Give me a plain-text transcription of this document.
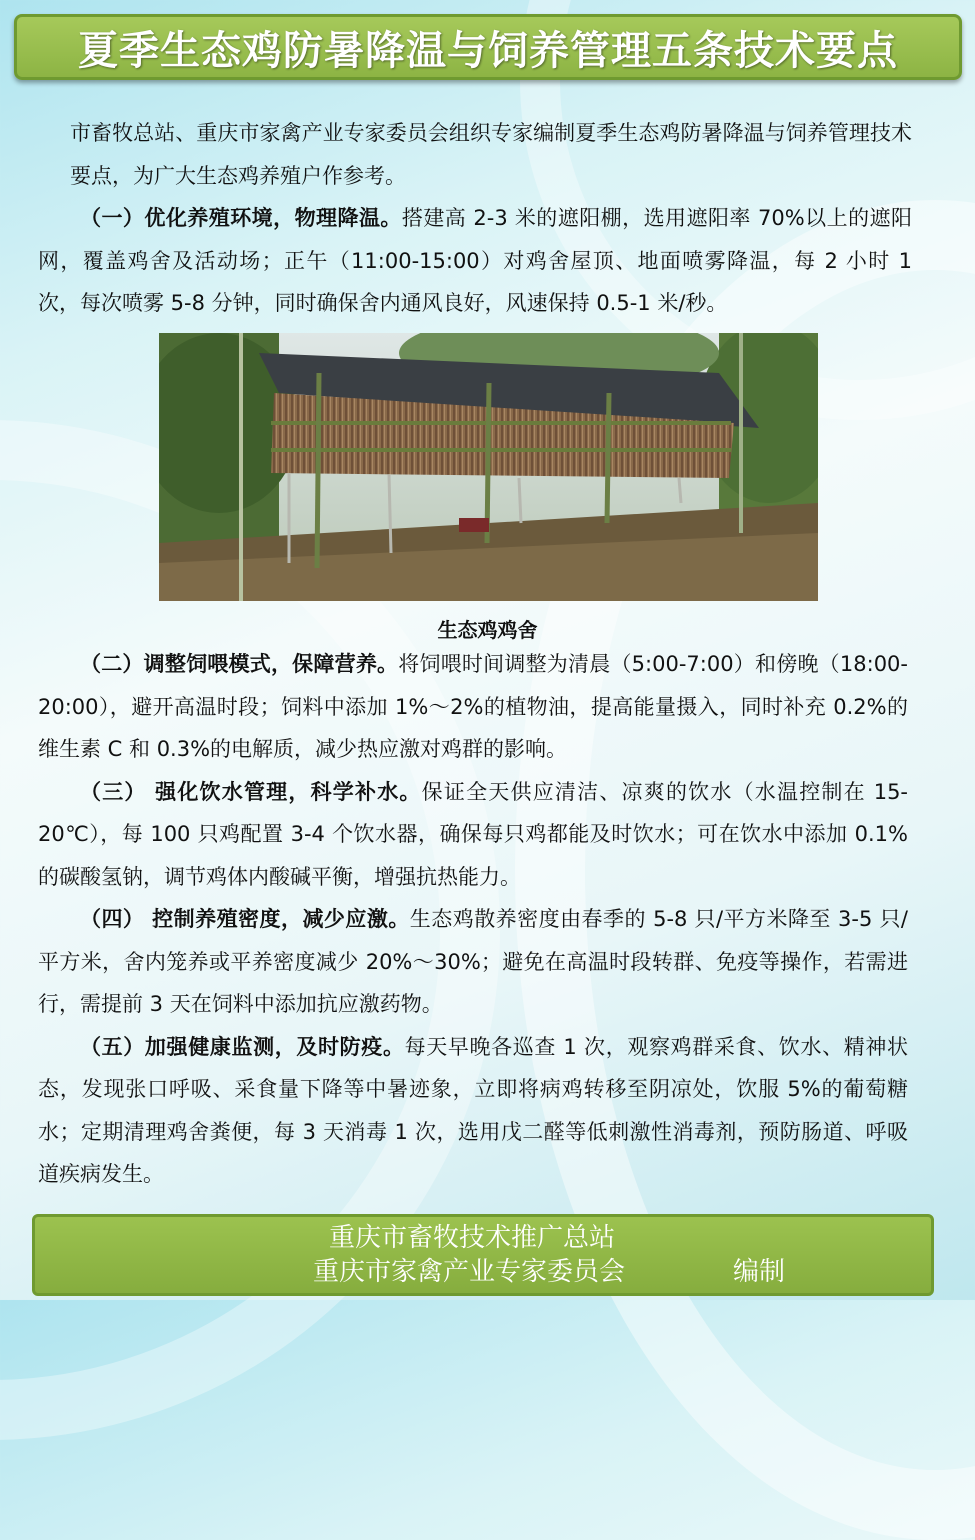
夏季生态鸡防暑降温与饲养管理五条技术要点

市畜牧总站、重庆市家禽产业专家委员会组织专家编制夏季生态鸡防暑降温与饲养管理技术要点，为广大生态鸡养殖户作参考。

（一）优化养殖环境，物理降温。搭建高 2-3 米的遮阳棚，选用遮阳率 70%以上的遮阳网，覆盖鸡舍及活动场；正午（11:00-15:00）对鸡舍屋顶、地面喷雾降温，每 2 小时 1 次，每次喷雾 5-8 分钟，同时确保舍内通风良好，风速保持 0.5-1 米/秒。

生态鸡鸡舍

（二）调整饲喂模式，保障营养。将饲喂时间调整为清晨（5:00-7:00）和傍晚（18:00-20:00），避开高温时段；饲料中添加 1%～2%的植物油，提高能量摄入，同时补充 0.2%的维生素 C 和 0.3%的电解质，减少热应激对鸡群的影响。

（三） 强化饮水管理，科学补水。保证全天供应清洁、凉爽的饮水（水温控制在 15-20℃），每 100 只鸡配置 3-4 个饮水器，确保每只鸡都能及时饮水；可在饮水中添加 0.1%的碳酸氢钠，调节鸡体内酸碱平衡，增强抗热能力。

（四） 控制养殖密度，减少应激。生态鸡散养密度由春季的 5-8 只/平方米降至 3-5 只/平方米，舍内笼养或平养密度减少 20%～30%；避免在高温时段转群、免疫等操作，若需进行，需提前 3 天在饲料中添加抗应激药物。

（五）加强健康监测，及时防疫。每天早晚各巡查 1 次，观察鸡群采食、饮水、精神状态，发现张口呼吸、采食量下降等中暑迹象，立即将病鸡转移至阴凉处，饮服 5%的葡萄糖水；定期清理鸡舍粪便，每 3 天消毒 1 次，选用戊二醛等低刺激性消毒剂，预防肠道、呼吸道疾病发生。

重庆市畜牧技术推广总站
重庆市家禽产业专家委员会	编制
